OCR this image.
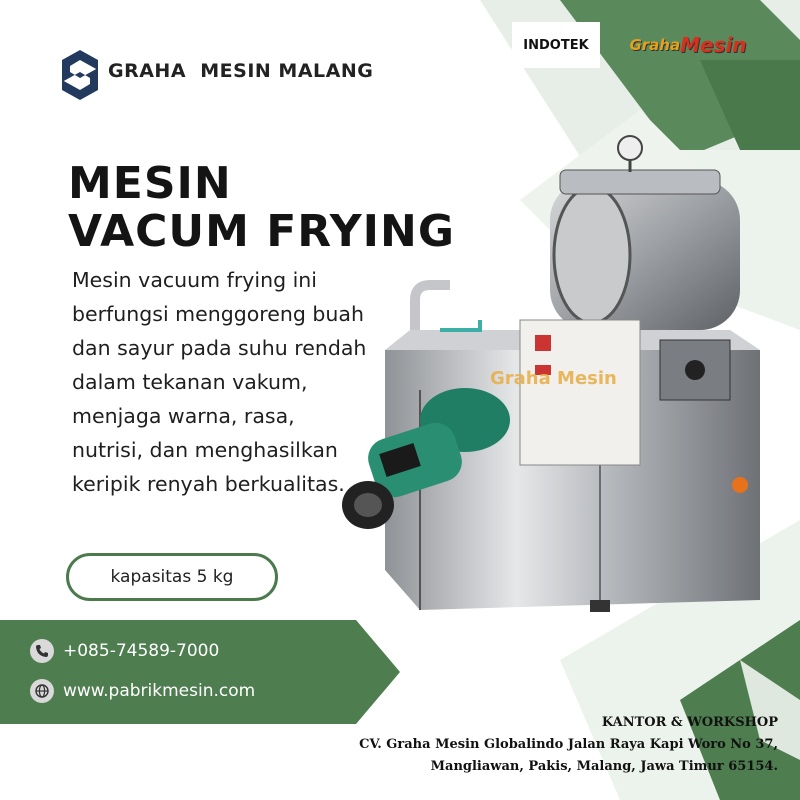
GRAHA  MESIN MALANG
INDOTEK	Graha Mesin
MESIN
VACUM FRYING
Mesin vacuum frying ini berfungsi menggoreng buah dan sayur pada suhu rendah dalam tekanan vakum, menjaga warna, rasa, nutrisi, dan menghasilkan keripik renyah berkualitas.
kapasitas 5 kg
Graha Mesin
+085-74589-7000
www.pabrikmesin.com
KANTOR & WORKSHOP
CV. Graha Mesin Globalindo Jalan Raya Kapi Woro No 37,
Mangliawan, Pakis, Malang, Jawa Timur 65154.
